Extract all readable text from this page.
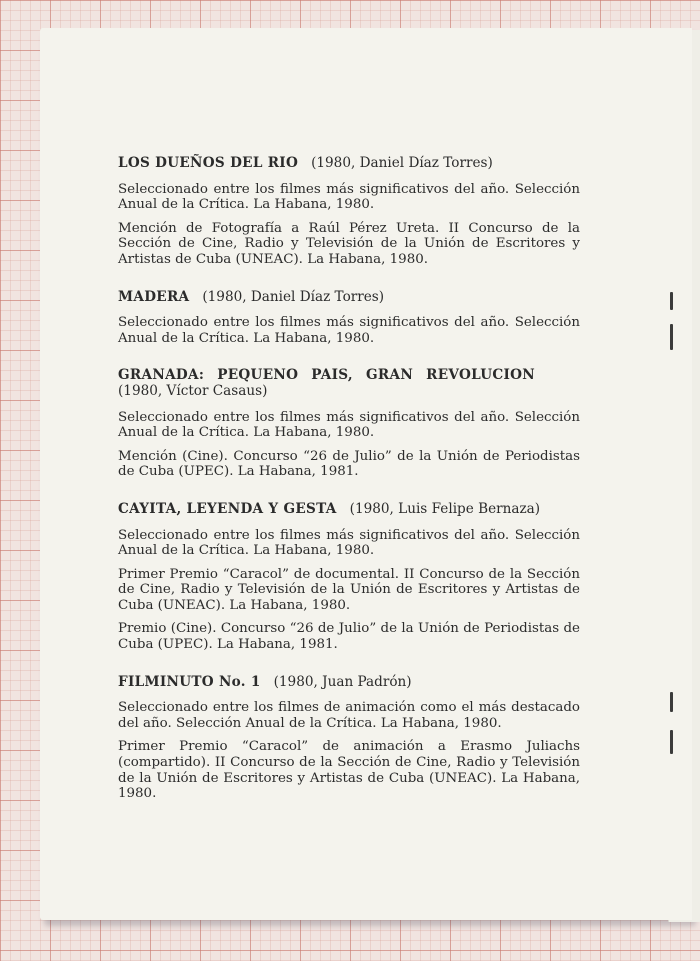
LOS DUEÑOS DEL RIO (1980, Daniel Díaz Torres)

Seleccionado entre los filmes más significativos del año. Selección Anual de la Crítica. La Habana, 1980.

Mención de Fotografía a Raúl Pérez Ureta. II Concurso de la Sección de Cine, Radio y Televisión de la Unión de Escritores y Artistas de Cuba (UNEAC). La Habana, 1980.

MADERA (1980, Daniel Díaz Torres)

Seleccionado entre los filmes más significativos del año. Selección Anual de la Crítica. La Habana, 1980.

GRANADA: PEQUENO PAIS, GRAN REVOLUCION
(1980, Víctor Casaus)

Seleccionado entre los filmes más significativos del año. Selección Anual de la Crítica. La Habana, 1980.

Mención (Cine). Concurso “26 de Julio” de la Unión de Periodistas de Cuba (UPEC). La Habana, 1981.

CAYITA, LEYENDA Y GESTA (1980, Luis Felipe Bernaza)

Seleccionado entre los filmes más significativos del año. Selección Anual de la Crítica. La Habana, 1980.

Primer Premio “Caracol” de documental. II Concurso de la Sección de Cine, Radio y Televisión de la Unión de Escritores y Artistas de Cuba (UNEAC). La Habana, 1980.

Premio (Cine). Concurso “26 de Julio” de la Unión de Periodistas de Cuba (UPEC). La Habana, 1981.

FILMINUTO No. 1 (1980, Juan Padrón)

Seleccionado entre los filmes de animación como el más destacado del año. Selección Anual de la Crítica. La Habana, 1980.

Primer Premio “Caracol” de animación a Erasmo Juliachs (compartido). II Concurso de la Sección de Cine, Radio y Televisión de la Unión de Escritores y Artistas de Cuba (UNEAC). La Habana, 1980.
